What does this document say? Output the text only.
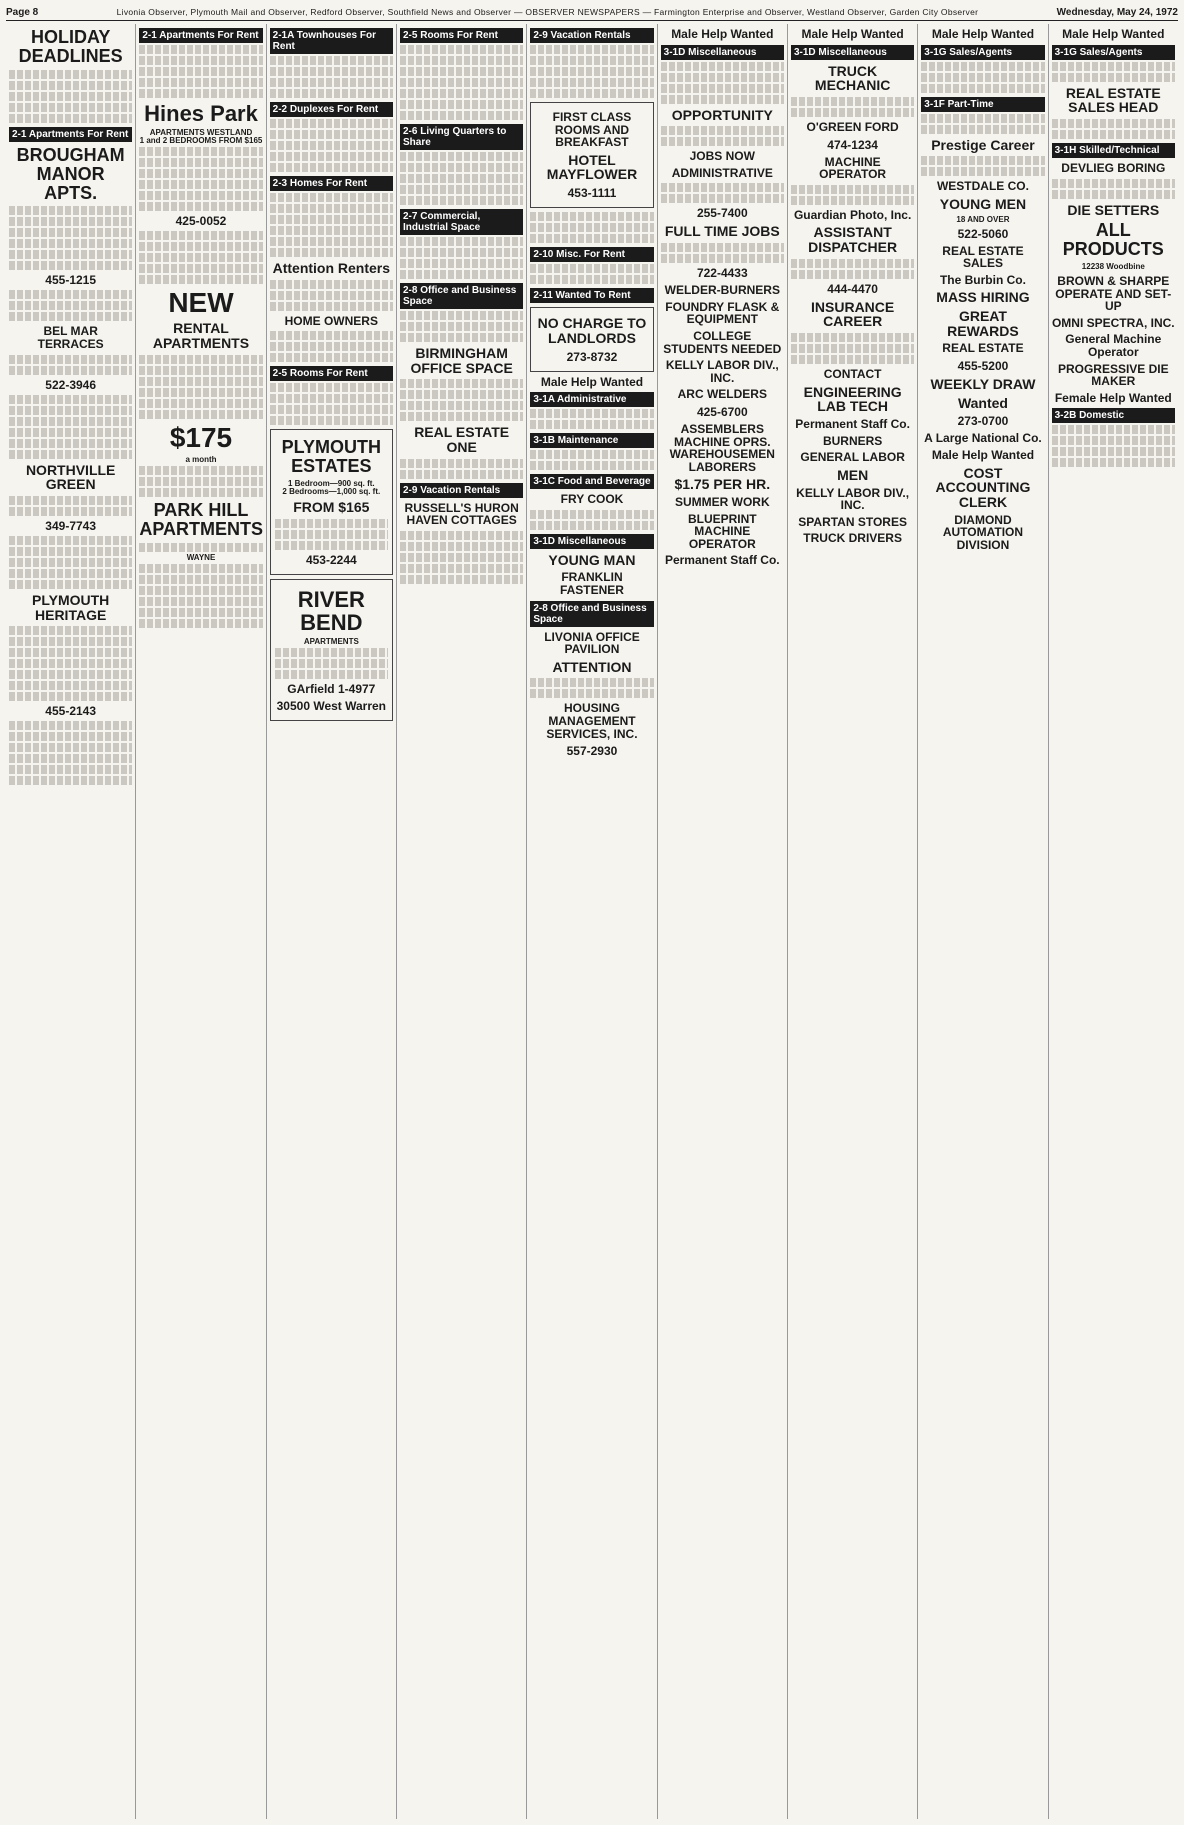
Page 8	Livonia Observer, Plymouth Mail and Observer, Redford Observer, Southfield News and Observer — OBSERVER NEWSPAPERS — Farmington Enterprise and Observer, Westland Observer, Garden City Observer	Wednesday, May 24, 1972
HOLIDAY DEADLINES
2-1 Apartments For Rent
BROUGHAM MANOR APTS.
455-1215
BEL MAR TERRACES
522-3946
NORTHVILLE GREEN
349-7743
PLYMOUTH HERITAGE
455-2143
2-1 Apartments For Rent
Hines Park
APARTMENTS WESTLAND
1 and 2 BEDROOMS FROM $165
425-0052
NEW
RENTAL APARTMENTS
$175
a month
PARK HILL APARTMENTS
WAYNE
2-1A Townhouses For Rent
2-2 Duplexes For Rent
2-3 Homes For Rent
Attention Renters
HOME OWNERS
2-5 Rooms For Rent
PLYMOUTH ESTATES
1 Bedroom—900 sq. ft.
2 Bedrooms—1,000 sq. ft.
FROM $165
453-2244
RIVER BEND
APARTMENTS
GArfield 1-4977
30500 West Warren
2-5 Rooms For Rent
2-6 Living Quarters to Share
2-7 Commercial, Industrial Space
2-8 Office and Business Space
BIRMINGHAM OFFICE SPACE
REAL ESTATE ONE
2-9 Vacation Rentals
RUSSELL'S HURON HAVEN COTTAGES
2-9 Vacation Rentals
FIRST CLASS ROOMS AND BREAKFAST
HOTEL MAYFLOWER
453-1111
2-10 Misc. For Rent
2-11 Wanted To Rent
NO CHARGE TO LANDLORDS
273-8732
Male Help Wanted
3-1A Administrative
3-1B Maintenance
3-1C Food and Beverage
FRY COOK
3-1D Miscellaneous
YOUNG MAN
FRANKLIN FASTENER
2-8 Office and Business Space
LIVONIA OFFICE PAVILION
ATTENTION
HOUSING MANAGEMENT SERVICES, INC.
557-2930
Male Help Wanted
3-1D Miscellaneous
OPPORTUNITY
JOBS NOW
ADMINISTRATIVE
255-7400
FULL TIME JOBS
722-4433
WELDER-BURNERS
FOUNDRY FLASK & EQUIPMENT
COLLEGE STUDENTS NEEDED
KELLY LABOR DIV., INC.
ARC WELDERS
425-6700
ASSEMBLERS MACHINE OPRS. WAREHOUSEMEN LABORERS
$1.75 PER HR.
SUMMER WORK
BLUEPRINT MACHINE OPERATOR
Permanent Staff Co.
Male Help Wanted
3-1D Miscellaneous
TRUCK MECHANIC
O'GREEN FORD
474-1234
MACHINE OPERATOR
Guardian Photo, Inc.
ASSISTANT DISPATCHER
444-4470
INSURANCE CAREER
CONTACT
ENGINEERING LAB TECH
Permanent Staff Co.
BURNERS
GENERAL LABOR
MEN
KELLY LABOR DIV., INC.
SPARTAN STORES
TRUCK DRIVERS
Male Help Wanted
3-1G Sales/Agents
3-1F Part-Time
Prestige Career
WESTDALE CO.
YOUNG MEN
18 AND OVER
522-5060
REAL ESTATE SALES
The Burbin Co.
MASS HIRING
GREAT REWARDS
REAL ESTATE
455-5200
WEEKLY DRAW
Wanted
273-0700
A Large National Co.
Male Help Wanted
COST ACCOUNTING CLERK
DIAMOND AUTOMATION DIVISION
Male Help Wanted
3-1G Sales/Agents
REAL ESTATE SALES HEAD
3-1H Skilled/Technical
DEVLIEG BORING
DIE SETTERS
ALL PRODUCTS
12238 Woodbine
BROWN & SHARPE OPERATE AND SET-UP
OMNI SPECTRA, INC.
General Machine Operator
PROGRESSIVE DIE MAKER
Female Help Wanted
3-2B Domestic
